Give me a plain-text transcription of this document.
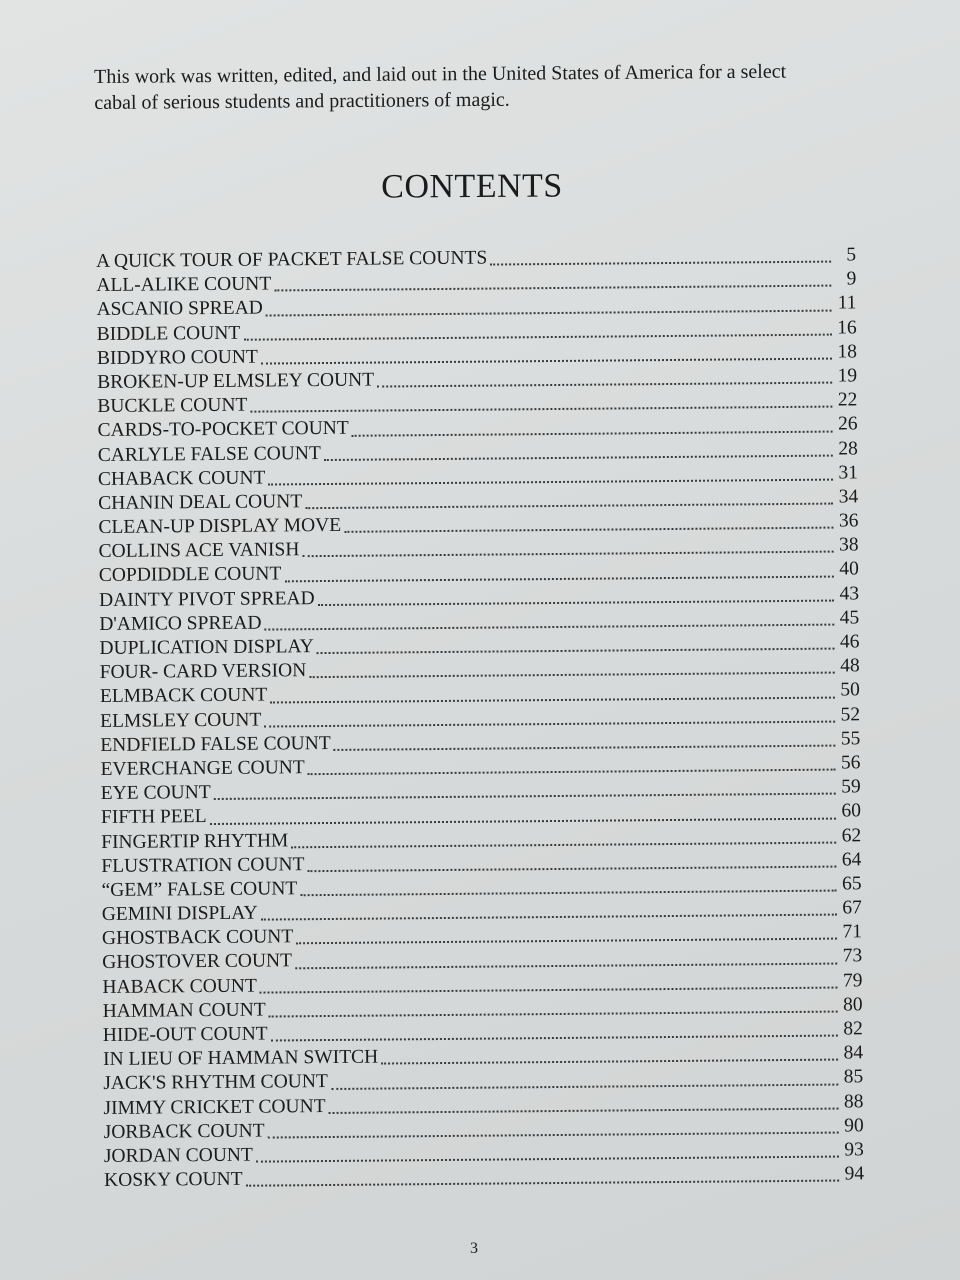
This work was written, edited, and laid out in the United States of America for a select

cabal of serious students and practitioners of magic.

CONTENTS
A QUICK TOUR OF PACKET FALSE COUNTS	5
ALL-ALIKE COUNT	9
ASCANIO SPREAD	11
BIDDLE COUNT	16
BIDDYRO COUNT	18
BROKEN-UP ELMSLEY COUNT	19
BUCKLE COUNT	22
CARDS-TO-POCKET COUNT	26
CARLYLE FALSE COUNT	28
CHABACK COUNT	31
CHANIN DEAL COUNT	34
CLEAN-UP DISPLAY MOVE	36
COLLINS ACE VANISH	38
COPDIDDLE COUNT	40
DAINTY PIVOT SPREAD	43
D'AMICO SPREAD	45
DUPLICATION DISPLAY	46
FOUR- CARD VERSION	48
ELMBACK COUNT	50
ELMSLEY COUNT	52
ENDFIELD FALSE COUNT	55
EVERCHANGE COUNT	56
EYE COUNT	59
FIFTH PEEL	60
FINGERTIP RHYTHM	62
FLUSTRATION COUNT	64
“GEM” FALSE COUNT	65
GEMINI DISPLAY	67
GHOSTBACK COUNT	71
GHOSTOVER COUNT	73
HABACK COUNT	79
HAMMAN COUNT	80
HIDE-OUT COUNT	82
IN LIEU OF HAMMAN SWITCH	84
JACK'S RHYTHM COUNT	85
JIMMY CRICKET COUNT	88
JORBACK COUNT	90
JORDAN COUNT	93
KOSKY COUNT	94
3
